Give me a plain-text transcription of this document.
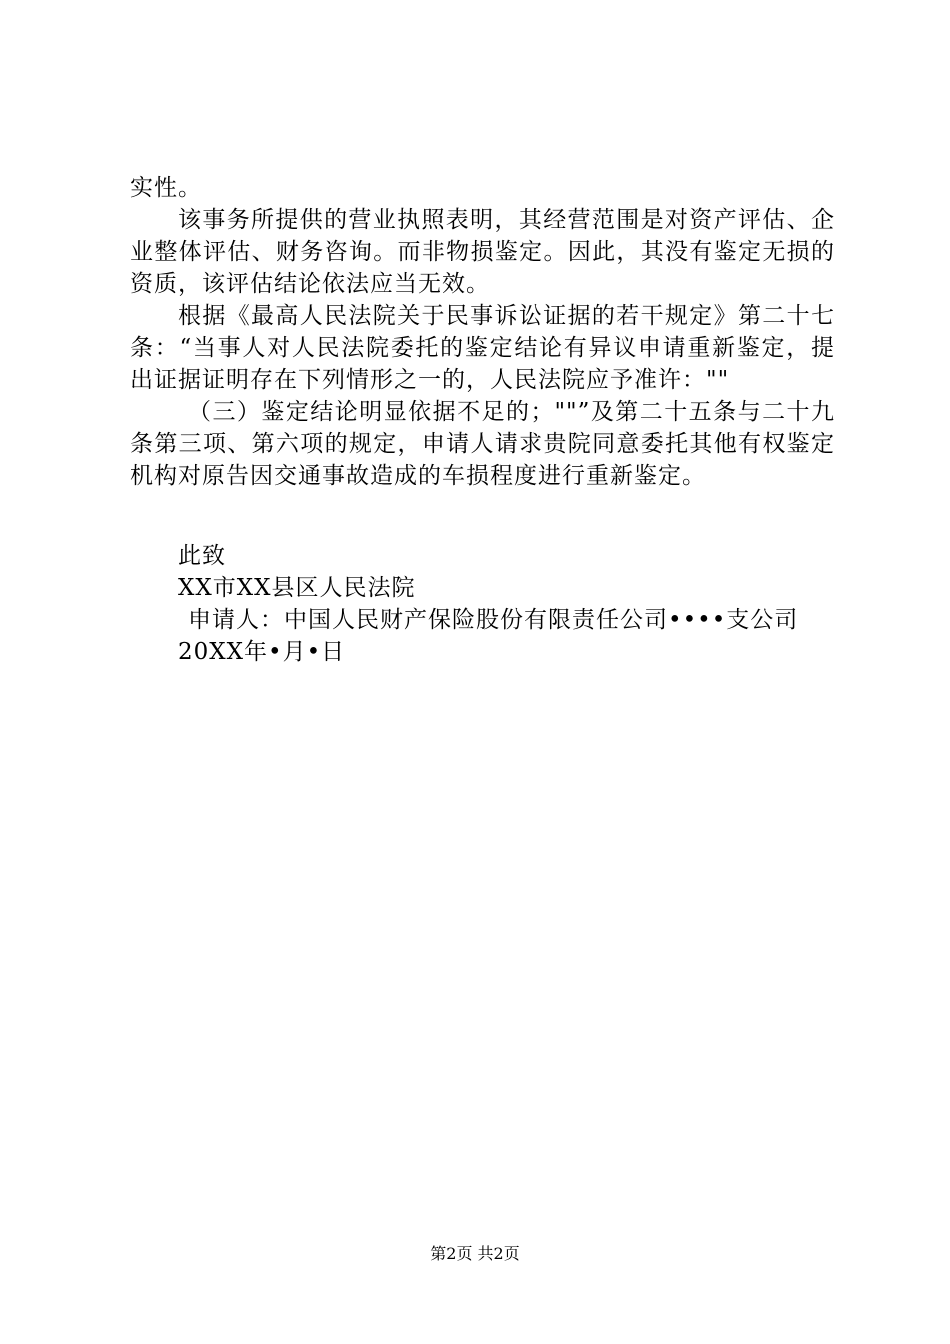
实性。

该事务所提供的营业执照表明，其经营范围是对资产评估、企业整体评估、财务咨询。而非物损鉴定。因此，其没有鉴定无损的资质，该评估结论依法应当无效。

根据《最高人民法院关于民事诉讼证据的若干规定》第二十七条：“当事人对人民法院委托的鉴定结论有异议申请重新鉴定，提出证据证明存在下列情形之一的，人民法院应予准许：""

（三）鉴定结论明显依据不足的；""”及第二十五条与二十九条第三项、第六项的规定，申请人请求贵院同意委托其他有权鉴定机构对原告因交通事故造成的车损程度进行重新鉴定。

此致

XX市XX县区人民法院

申请人：中国人民财产保险股份有限责任公司••••支公司

20XX年•月•日

第2页 共2页
